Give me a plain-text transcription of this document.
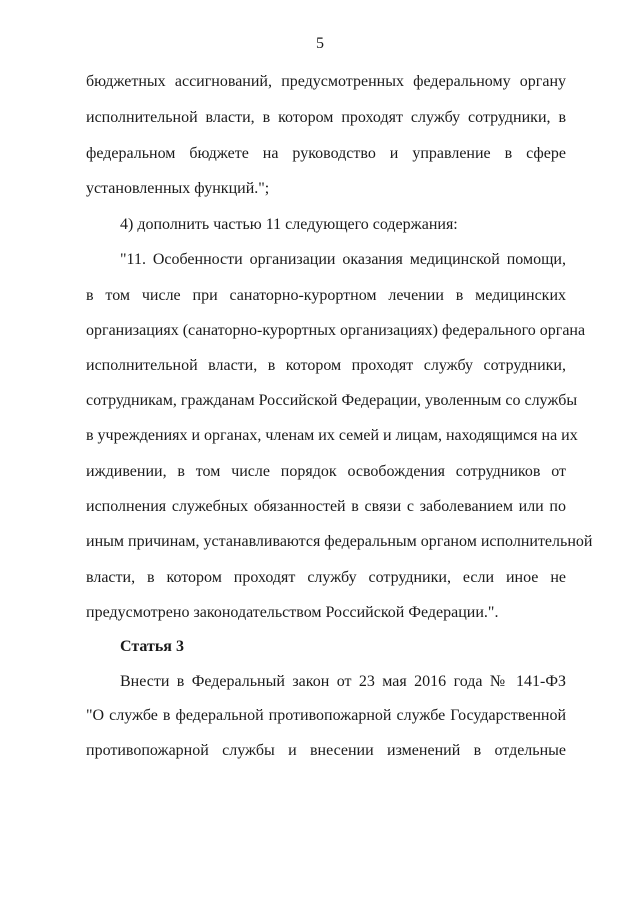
5
бюджетных ассигнований, предусмотренных федеральному органу
исполнительной власти, в котором проходят службу сотрудники, в
федеральном бюджете на руководство и управление в сфере
установленных функций.";
4) дополнить частью 11 следующего содержания:
"11. Особенности организации оказания медицинской помощи,
в том числе при санаторно-курортном лечении в медицинских
организациях (санаторно-курортных организациях) федерального органа
исполнительной власти, в котором проходят службу сотрудники,
сотрудникам, гражданам Российской Федерации, уволенным со службы
в учреждениях и органах, членам их семей и лицам, находящимся на их
иждивении, в том числе порядок освобождения сотрудников от
исполнения служебных обязанностей в связи с заболеванием или по
иным причинам, устанавливаются федеральным органом исполнительной
власти, в котором проходят службу сотрудники, если иное не
предусмотрено законодательством Российской Федерации.".
Статья 3
Внести в Федеральный закон от 23 мая 2016 года № 141-ФЗ
"О службе в федеральной противопожарной службе Государственной
противопожарной службы и внесении изменений в отдельные
